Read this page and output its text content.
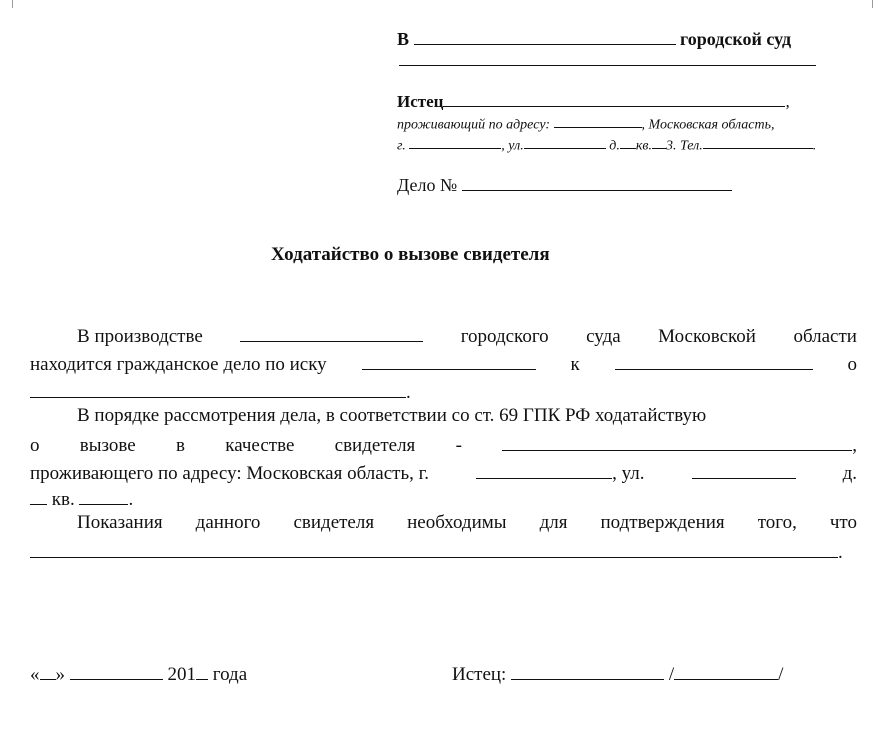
В	городской суд
Истец	,
проживающий по адресу:	, Московская область,
г.	, ул.	д. кв. 3. Тел.	.
Дело №
Ходатайство о вызове свидетеля
В производстве	городского суда Московской области
находится гражданское дело по иску	к	о
.
В порядке рассмотрения дела, в соответствии со ст. 69 ГПК РФ ходатайствую
о вызове в качестве свидетеля -	,
проживающего по адресу: Московская область, г.	, ул.	д.
кв.	.
Показания данного свидетеля необходимы для подтверждения того, что
.
« »	201 года	Истец:	/	/
